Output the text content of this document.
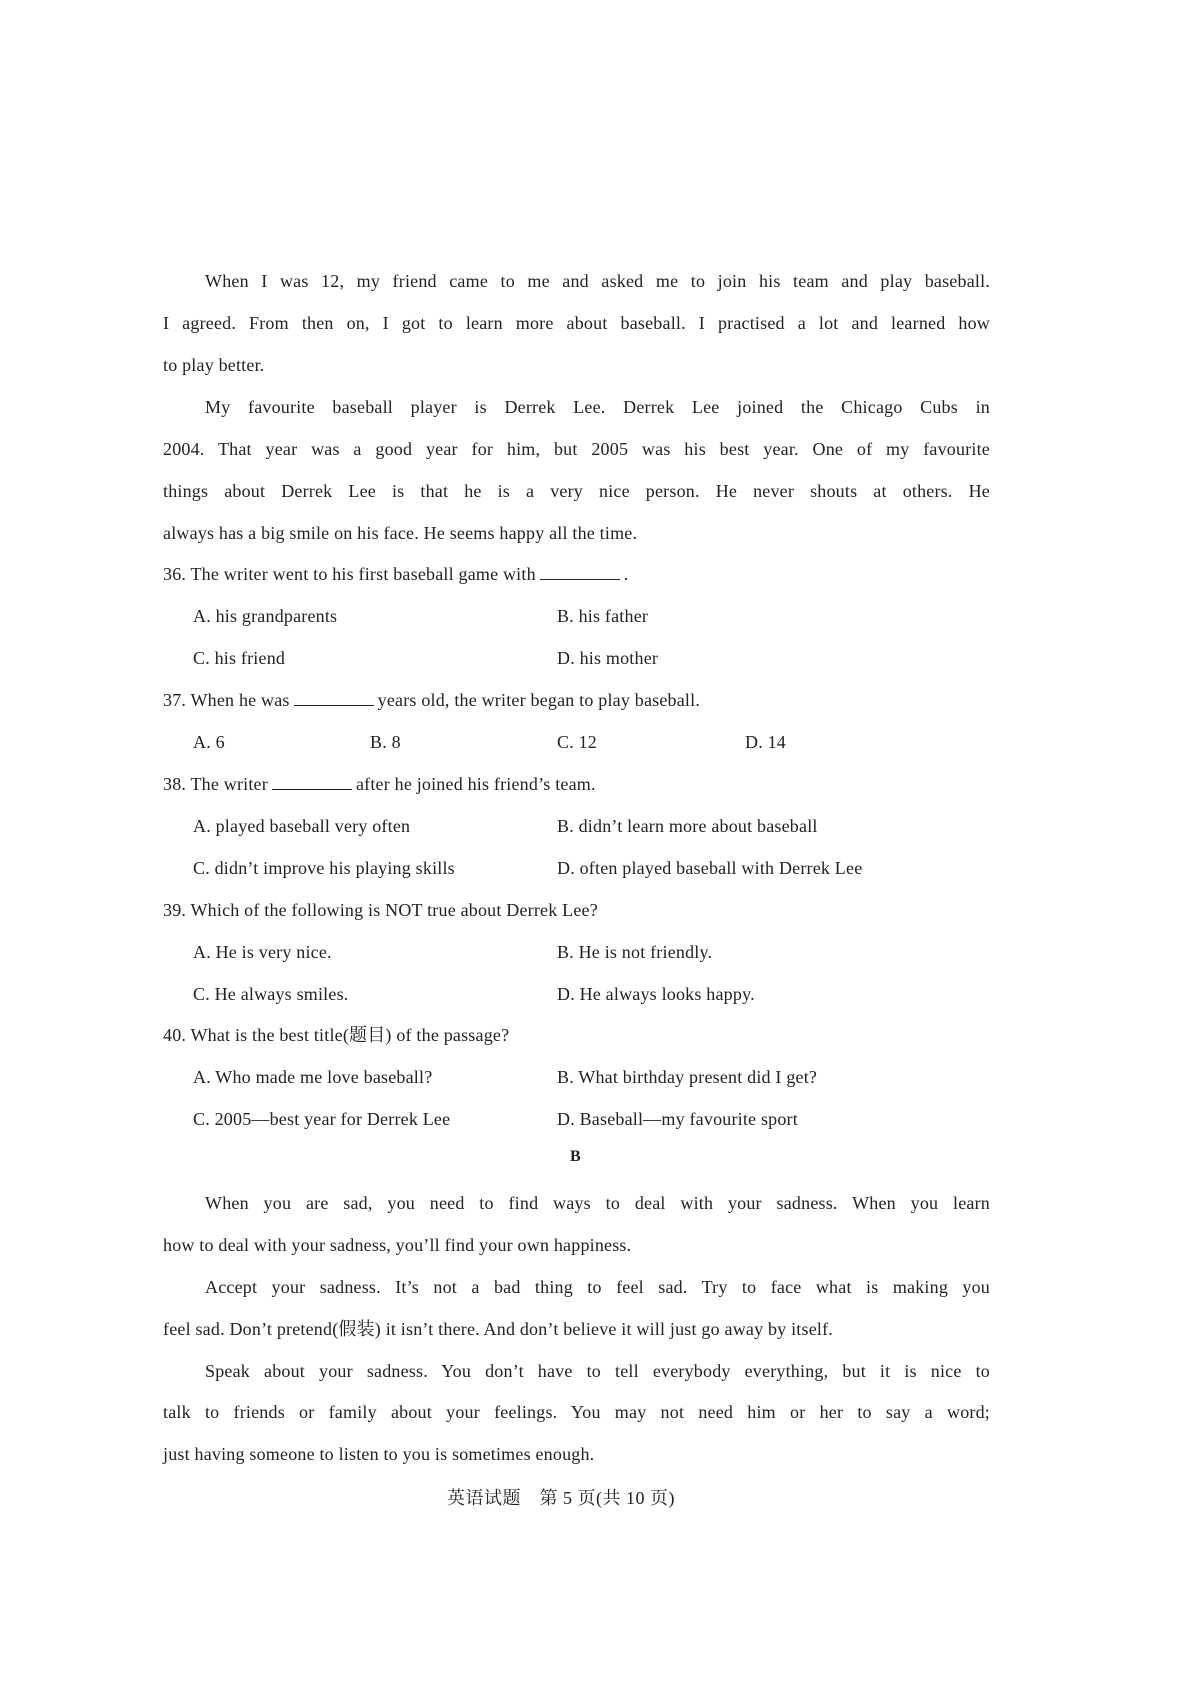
When I was 12, my friend came to me and asked me to join his team and play baseball.
I agreed. From then on, I got to learn more about baseball. I practised a lot and learned how
to play better.
My favourite baseball player is Derrek Lee. Derrek Lee joined the Chicago Cubs in
2004. That year was a good year for him, but 2005 was his best year. One of my favourite
things about Derrek Lee is that he is a very nice person. He never shouts at others. He
always has a big smile on his face. He seems happy all the time.
36. The writer went to his first baseball game with	.
A. his grandparents	B. his father
C. his friend	D. his mother
37. When he was	years old, the writer began to play baseball.
A. 6	B. 8	C. 12	D. 14
38. The writer	after he joined his friend’s team.
A. played baseball very often	B. didn’t learn more about baseball
C. didn’t improve his playing skills	D. often played baseball with Derrek Lee
39. Which of the following is NOT true about Derrek Lee?
A. He is very nice.	B. He is not friendly.
C. He always smiles.	D. He always looks happy.
40. What is the best title(题目) of the passage?
A. Who made me love baseball?	B. What birthday present did I get?
C. 2005—best year for Derrek Lee	D. Baseball—my favourite sport
B
When you are sad, you need to find ways to deal with your sadness. When you learn
how to deal with your sadness, you’ll find your own happiness.
Accept your sadness. It’s not a bad thing to feel sad. Try to face what is making you
feel sad. Don’t pretend(假装) it isn’t there. And don’t believe it will just go away by itself.
Speak about your sadness. You don’t have to tell everybody everything, but it is nice to
talk to friends or family about your feelings. You may not need him or her to say a word;
just having someone to listen to you is sometimes enough.
英语试题　第 5 页(共 10 页)
